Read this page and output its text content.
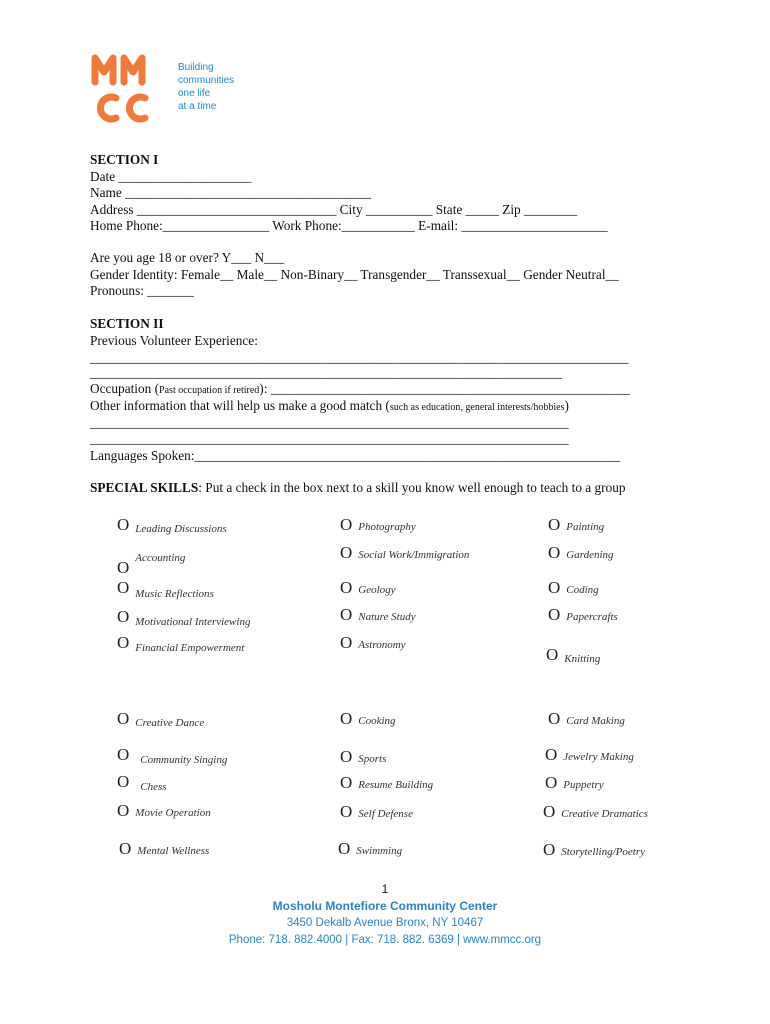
Building
communities
one life
at a time
SECTION I
Date ____________________
Name _____________________________________
Address ______________________________ City __________ State _____ Zip ________
Home Phone:________________ Work Phone:___________ E-mail: ______________________
Are you age 18 or over? Y___ N___
Gender Identity: Female__ Male__ Non-Binary__ Transgender__ Transsexual__ Gender Neutral__
Pronouns: _______
SECTION II
Previous Volunteer Experience:
_________________________________________________________________________________
_______________________________________________________________________
Occupation (Past occupation if retired): ______________________________________________________
Other information that will help us make a good match (such as education, general interests/hobbies)
________________________________________________________________________
________________________________________________________________________
Languages Spoken:________________________________________________________________
SPECIAL SKILLS: Put a check in the box next to a skill you know well enough to teach to a group
O Leading Discussions	O Photography	O Painting
O $^{Accounting}$	O Social Work/Immigration	O Gardening
O $_{Music Reflections}$	O Geology	O Coding
O Motivational Interviewing	O Nature Study	O Papercrafts
O Financial Empowerment	O Astronomy	O Knitting
O Creative Dance	O Cooking	O Card Making
O Community Singing	O Sports	O Jewelry Making
O Chess	O Resume Building	O Puppetry
O Movie Operation	O Self Defense	O Creative Dramatics
O Mental Wellness	O Swimming	O Storytelling/Poetry
1
Mosholu Montefiore Community Center
3450 Dekalb Avenue Bronx, NY 10467
Phone: 718. 882.4000 | Fax: 718. 882. 6369 | www.mmcc.org
